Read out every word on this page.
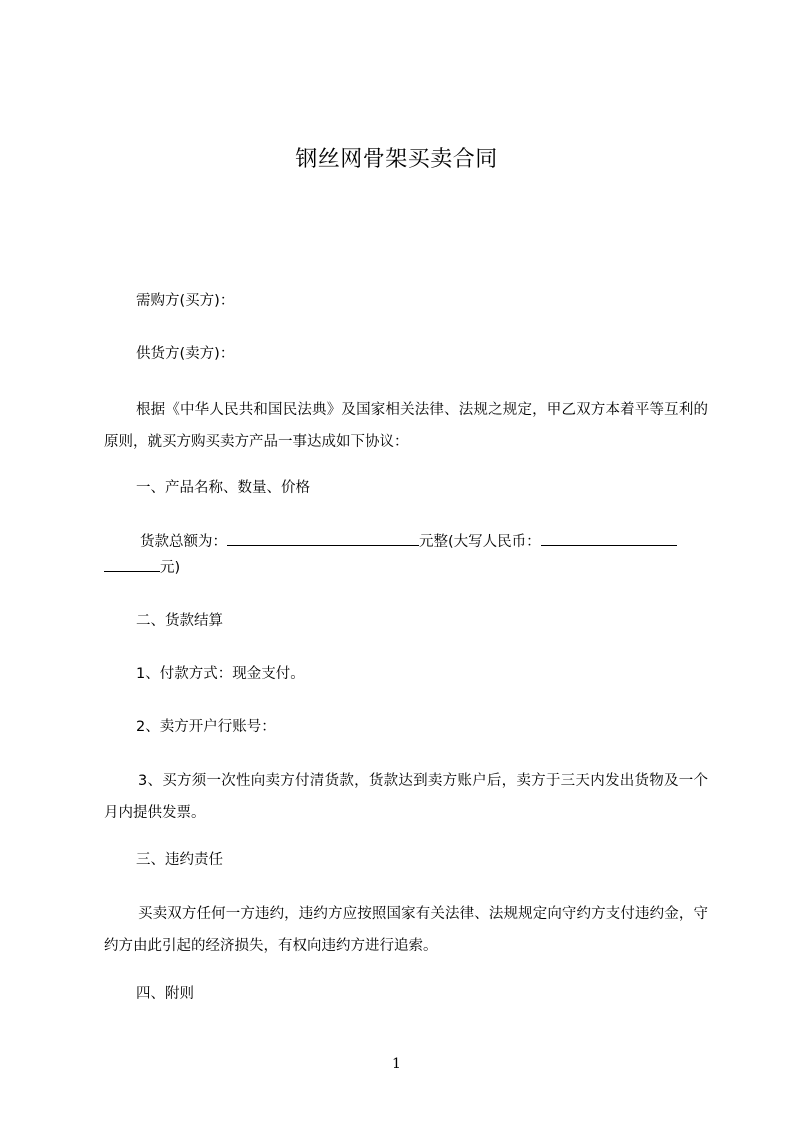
钢丝网骨架买卖合同
需购方(买方)：
供货方(卖方)：
根据《中华人民共和国民法典》及国家相关法律、法规之规定，甲乙双方本着平等互利的原则，就买方购买卖方产品一事达成如下协议：
一、产品名称、数量、价格
货款总额为：	元整(大写人民币：
元)
二、货款结算
1、付款方式：现金支付。
2、卖方开户行账号：
3、买方须一次性向卖方付清货款，货款达到卖方账户后，卖方于三天内发出货物及一个月内提供发票。
三、违约责任
买卖双方任何一方违约，违约方应按照国家有关法律、法规规定向守约方支付违约金，守约方由此引起的经济损失，有权向违约方进行追索。
四、附则
1
